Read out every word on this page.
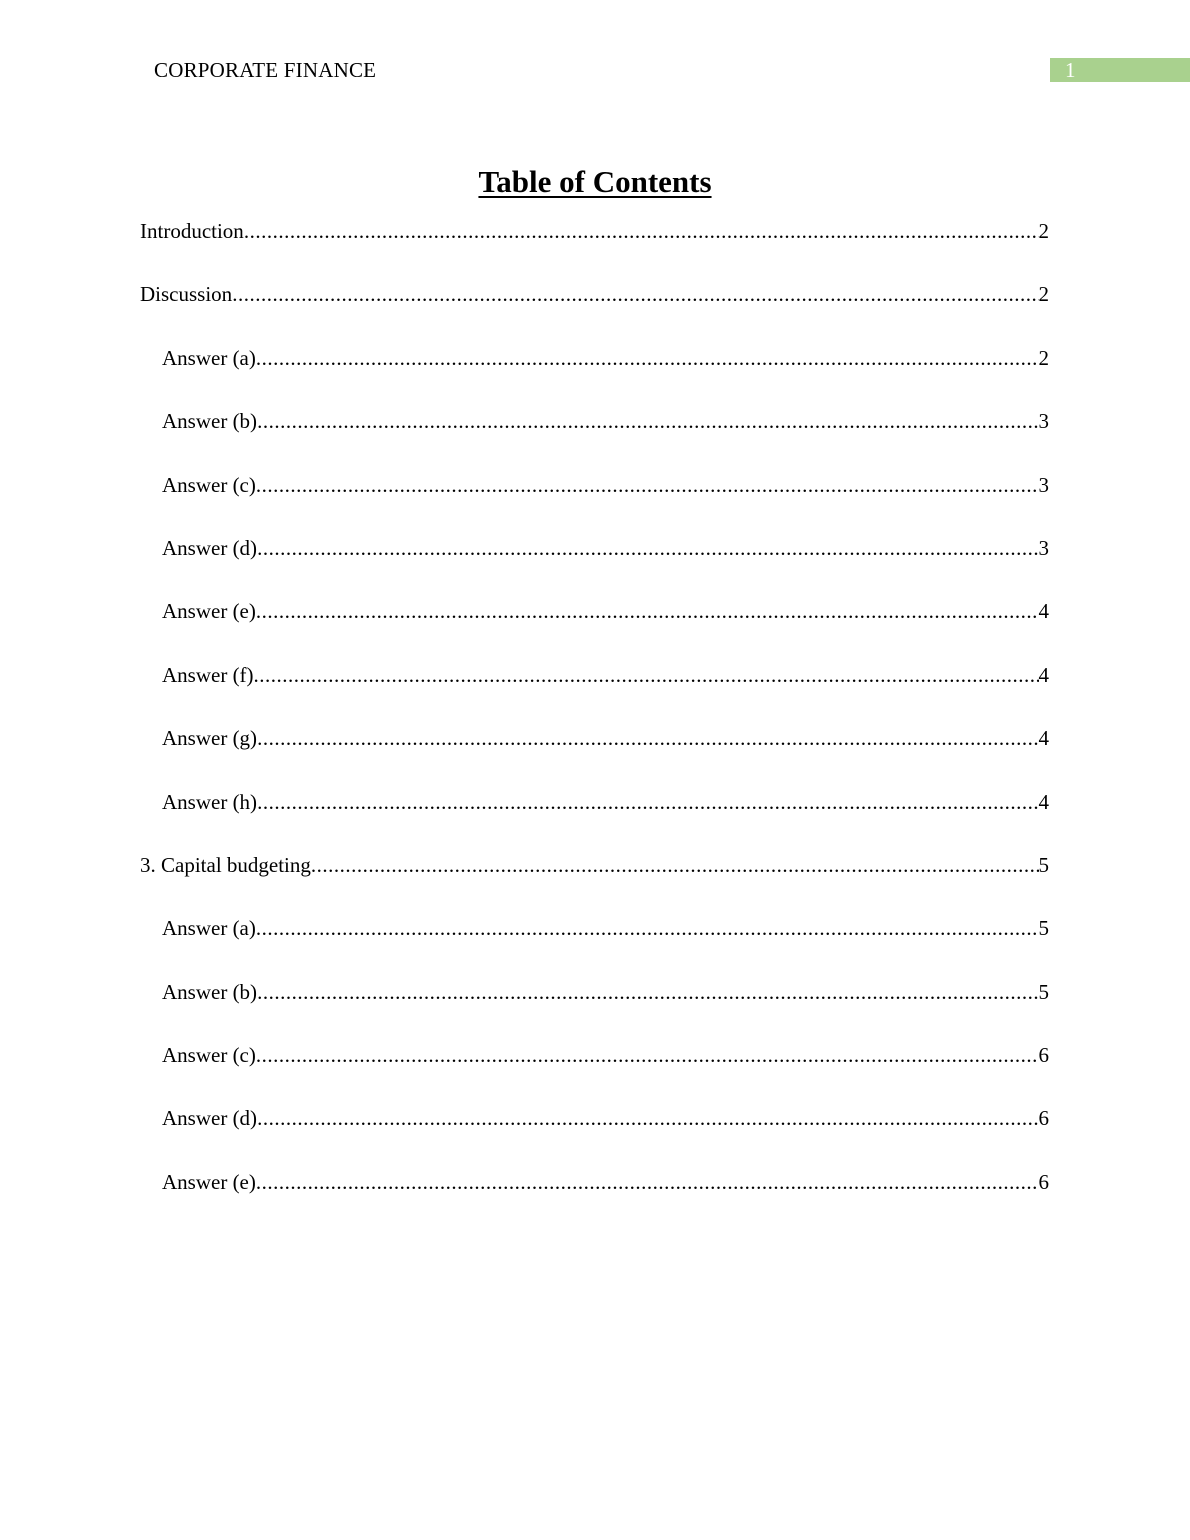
CORPORATE FINANCE	1
Table of Contents
Introduction .....	2
Discussion .....	2
Answer (a) .....	2
Answer (b) .....	3
Answer (c) .....	3
Answer (d) .....	3
Answer (e) .....	4
Answer (f) .....	4
Answer (g) .....	4
Answer (h) .....	4
3. Capital budgeting .....	5
Answer (a) .....	5
Answer (b) .....	5
Answer (c) .....	6
Answer (d) .....	6
Answer (e) .....	6
